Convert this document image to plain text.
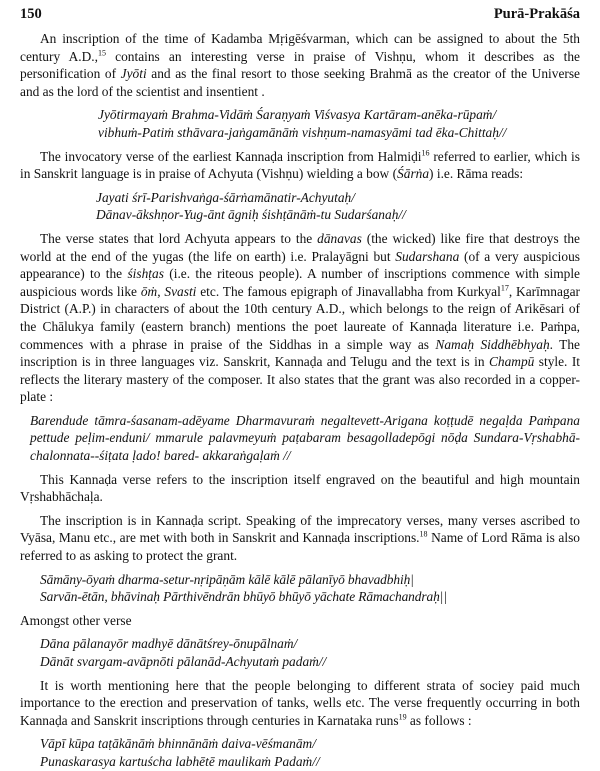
150	Purā-Prakāśa

An inscription of the time of Kadamba Mṛigēśvarman, which can be assigned to about the 5th century A.D.,$^{15}$ contains an interesting verse in praise of Vishṇu, whom it describes as the personification of Jyōti and as the final resort to those seeking Brahmā as the creator of the Universe and as the lord of the scientist and insentient .

Jyōtirmayaṁ Brahma-Vidāṁ Śaraṇyaṁ Viśvasya Kartāram-anēka-rūpaṁ/
vibhuṁ-Patiṁ sthāvara-jaṅgamānāṁ vishṇum-namasyāmi tad ēka-Chittaḥ//

The invocatory verse of the earliest Kannaḍa inscription from Halmiḍi$^{16}$ referred to earlier, which is in Sanskrit language is in praise of Achyuta (Vishṇu) wielding a bow (Śārṅa) i.e. Rāma reads:

Jayati śrī-Parishvaṅga-śārṅamānatir-Achyutaḥ/
Dānav-ākshṇor-Yug-ānt āgniḥ śishṭānāṁ-tu Sudarśanaḥ//

The verse states that lord Achyuta appears to the dānavas (the wicked) like fire that destroys the world at the end of the yugas (the life on earth) i.e. Pralayāgni but Sudarshana (of a very auspicious appearance) to the śishṭas (i.e. the riteous people). A number of inscriptions commence with simple auspicious words like ōṁ, Svasti etc. The famous epigraph of Jinavallabha from Kurkyal$^{17}$, Karīmnagar District (A.P.) in characters of about the 10th century A.D., which belongs to the reign of Arikēsari of the Chālukya family (eastern branch) mentions the poet laureate of Kannaḍa literature i.e. Paṁpa, commences with a phrase in praise of the Siddhas in a simple way as Namaḥ Siddhēbhyaḥ. The inscription is in three languages viz. Sanskrit, Kannaḍa and Telugu and the text is in Champū style. It reflects the literary mastery of the composer. It also states that the grant was also recorded in a copper-plate :

Barendude tāmra-śasanam-adēyame Dharmavuraṁ negaltevett-Arigana koṭṭudē negaḷda Paṁpana pettude peḷim-enduni/ mmarule palavmeyuṁ paṭabaram besagolladepōgi nōḍa Sundara-Vṛshabhā-chalonnata--śiṭata ḷado! bared- akkaraṅgaḷaṁ //

This Kannaḍa verse refers to the inscription itself engraved on the beautiful and high mountain Vṛshabhāchaḷa.

The inscription is in Kannaḍa script. Speaking of the imprecatory verses, many verses ascribed to Vyāsa, Manu etc., are met with both in Sanskrit and Kannaḍa inscriptions.$^{18}$ Name of Lord Rāma is also referred to as asking to protect the grant.

Sāmāny-ōyaṁ dharma-setur-nṛipāṇām kālē kālē pālanīyō bhavadbhiḥ|
Sarvān-ētān, bhāvinaḥ Pārthivēndrān bhūyō bhūyō yāchate Rāmachandraḥ||

Amongst other verse

Dāna pālanayōr madhyē dānātśrey-ōnupālnaṁ/
Dānāt svargam-avāpnōti pālanād-Achyutaṁ padaṁ//

It is worth mentioning here that the people belonging to different strata of sociey paid much importance to the erection and preservation of tanks, wells etc. The verse frequently occurring in both Kannaḍa and Sanskrit inscriptions through centuries in Karnataka runs$^{19}$ as follows :

Vāpī kūpa taṭākānāṁ bhinnānāṁ daiva-vēśmanām/
Punaskarasya kartuścha labhētē maulikaṁ Padaṁ//
